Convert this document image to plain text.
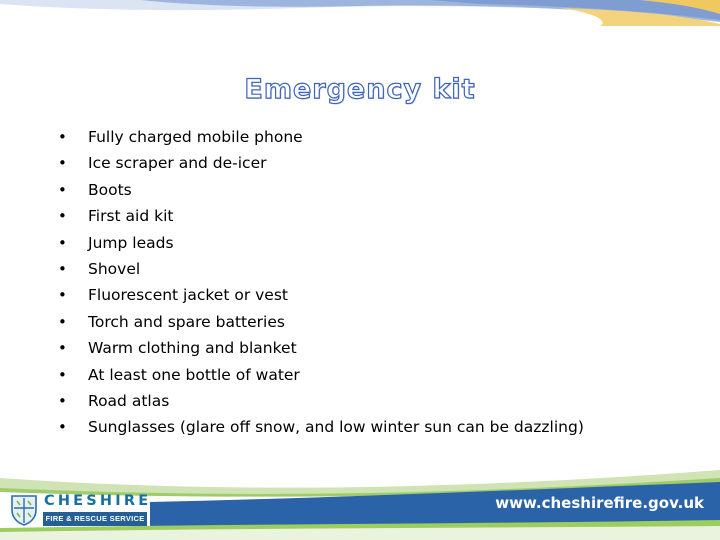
Emergency kit
• Fully charged mobile phone
• Ice scraper and de-icer
• Boots
• First aid kit
• Jump leads
• Shovel
• Fluorescent jacket or vest
• Torch and spare batteries
• Warm clothing and blanket
• At least one bottle of water
• Road atlas
• Sunglasses (glare off snow, and low winter sun can be dazzling)
CHESHIRE
FIRE & RESCUE SERVICE
www.cheshirefire.gov.uk
